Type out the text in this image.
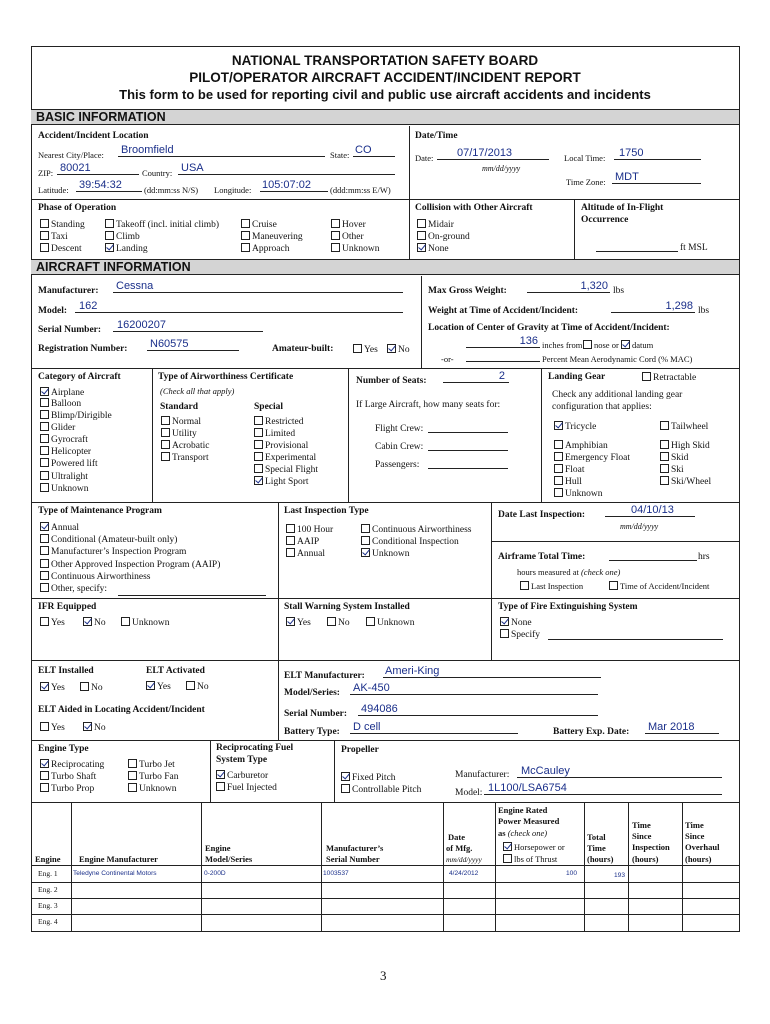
NATIONAL TRANSPORTATION SAFETY BOARD
PILOT/OPERATOR AIRCRAFT ACCIDENT/INCIDENT REPORT
This form to be used for reporting civil and public use aircraft accidents and incidents
BASIC INFORMATION
Accident/Incident Location
Nearest City/Place: Broomfield	State: CO
ZIP: 80021	Country: USA
Latitude: 39:54:32	(dd:mm:ss N/S) Longitude: 105:07:02 (ddd:mm:ss E/W)
Date/Time
Date: 07/17/2013
mm/dd/yyyy
Local Time: 1750
Time Zone: MDT
Phase of Operation
Standing	Takeoff (incl. initial climb)	Cruise	Hover
Taxi	Climb	Maneuvering	Other
Descent	Landing	Approach	Unknown
Collision with Other Aircraft
Midair
On-ground
None
Altitude of In-Flight
Occurrence
ft MSL
AIRCRAFT INFORMATION
Manufacturer: Cessna
Model: 162
Serial Number: 16200207
Registration Number: N60575	Amateur-built:	Yes	No
Max Gross Weight:	1,320 lbs
Weight at Time of Accident/Incident:	1,298 lbs
Location of Center of Gravity at Time of Accident/Incident:
136 inches from	nose or	datum
-or-	Percent Mean Aerodynamic Cord (% MAC)
Category of Aircraft
Airplane
Balloon
Blimp/Dirigible
Glider
Gyrocraft
Helicopter
Powered lift
Ultralight
Unknown
Type of Airworthiness Certificate
(Check all that apply)
Standard	Special
Normal
Utility
Acrobatic
Transport
Restricted
Limited
Provisional
Experimental
Special Flight
Light Sport
Number of Seats:	2
If Large Aircraft, how many seats for:
Flight Crew:
Cabin Crew:
Passengers:
Landing Gear	Retractable
Check any additional landing gear
configuration that applies:
Tricycle	Tailwheel
Amphibian	High Skid
Emergency Float	Skid
Float	Ski
Hull	Ski/Wheel
Unknown
Type of Maintenance Program
Annual
Conditional (Amateur-built only)
Manufacturer’s Inspection Program
Other Approved Inspection Program (AAIP)
Continuous Airworthiness
Other, specify:
Last Inspection Type
100 Hour	Continuous Airworthiness
AAIP	Conditional Inspection
Annual	Unknown
Date Last Inspection:	04/10/13
mm/dd/yyyy
Airframe Total Time:	hrs
hours measured at (check one)
Last Inspection	Time of Accident/Incident
IFR Equipped
Yes	No	Unknown
Stall Warning System Installed
Yes	No	Unknown
Type of Fire Extinguishing System
None
Specify
ELT Installed	ELT Activated
Yes	No	Yes	No
ELT Aided in Locating Accident/Incident
Yes	No
ELT Manufacturer: Ameri-King
Model/Series: AK-450
Serial Number: 494086
Battery Type: D cell	Battery Exp. Date: Mar 2018
Engine Type
Reciprocating	Turbo Jet
Turbo Shaft	Turbo Fan
Turbo Prop	Unknown
Reciprocating Fuel
System Type
Carburetor
Fuel Injected
Propeller
Fixed Pitch
Controllable Pitch
Manufacturer: McCauley
Model: 1L100/LSA6754
Engine Engine Manufacturer
Engine
Model/Series
Manufacturer’s
Serial Number
Date
of Mfg.
mm/dd/yyyy
Engine Rated
Power Measured
as (check one)
Horsepower or
lbs of Thrust
Total
Time
(hours)
Time
Since
Inspection
(hours)
Time
Since
Overhaul
(hours)
Eng. 1 Teledyne Continental Motors	0-200D	1003537	4/24/2012	100	193
Eng. 2
Eng. 3
Eng. 4
3
